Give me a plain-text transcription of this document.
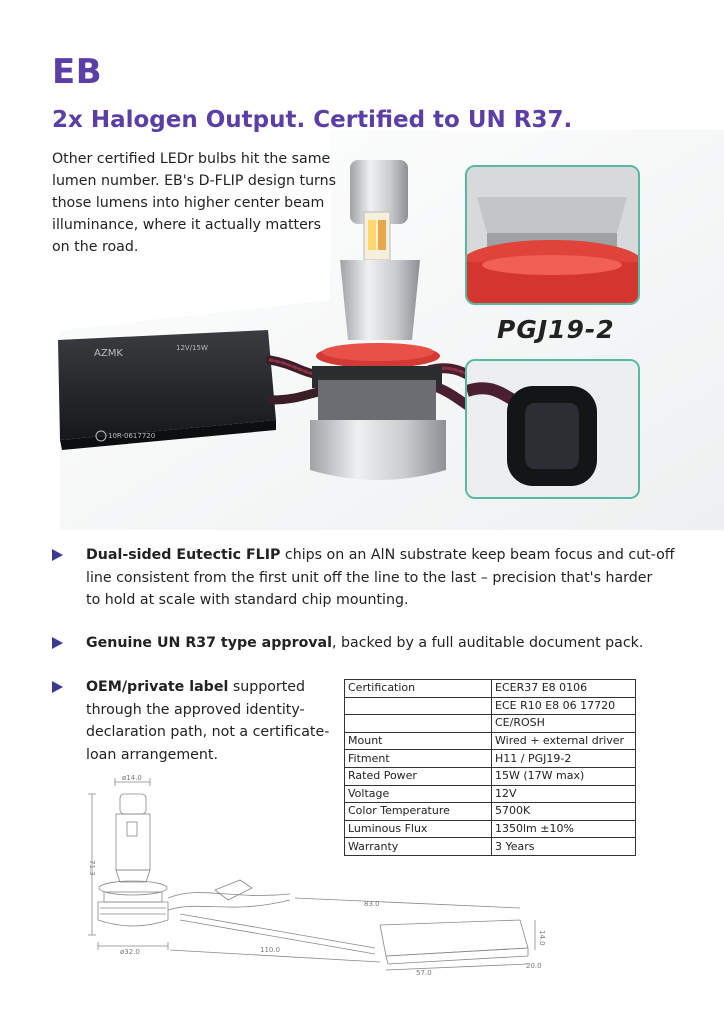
EB
2x Halogen Output. Certified to UN R37.
AZMK	12V/15W
10R-0617720
PGJ19-2
Other certified LEDr bulbs hit the same
lumen number. EB's D-FLIP design turns
those lumens into higher center beam
illuminance, where it actually matters
on the road.
Dual-sided Eutectic FLIP chips on an AlN substrate keep beam focus and cut-off
line consistent from the first unit off the line to the last – precision that's harder
to hold at scale with standard chip mounting.
Genuine UN R37 type approval, backed by a full auditable document pack.
OEM/private label supported
through the approved identity-
declaration path, not a certificate-
loan arrangement.
Certification	ECER37 E8 0106
	ECE R10 E8 06 17720
	CE/ROSH
Mount	Wired + external driver
Fitment	H11 / PGJ19-2
Rated Power	15W (17W max)
Voltage	12V
Color Temperature	5700K
Luminous Flux	1350lm ±10%
Warranty	3 Years
ø14.0
71.3
ø32.0	110.0
83.0
57.0
20.0
14.0
